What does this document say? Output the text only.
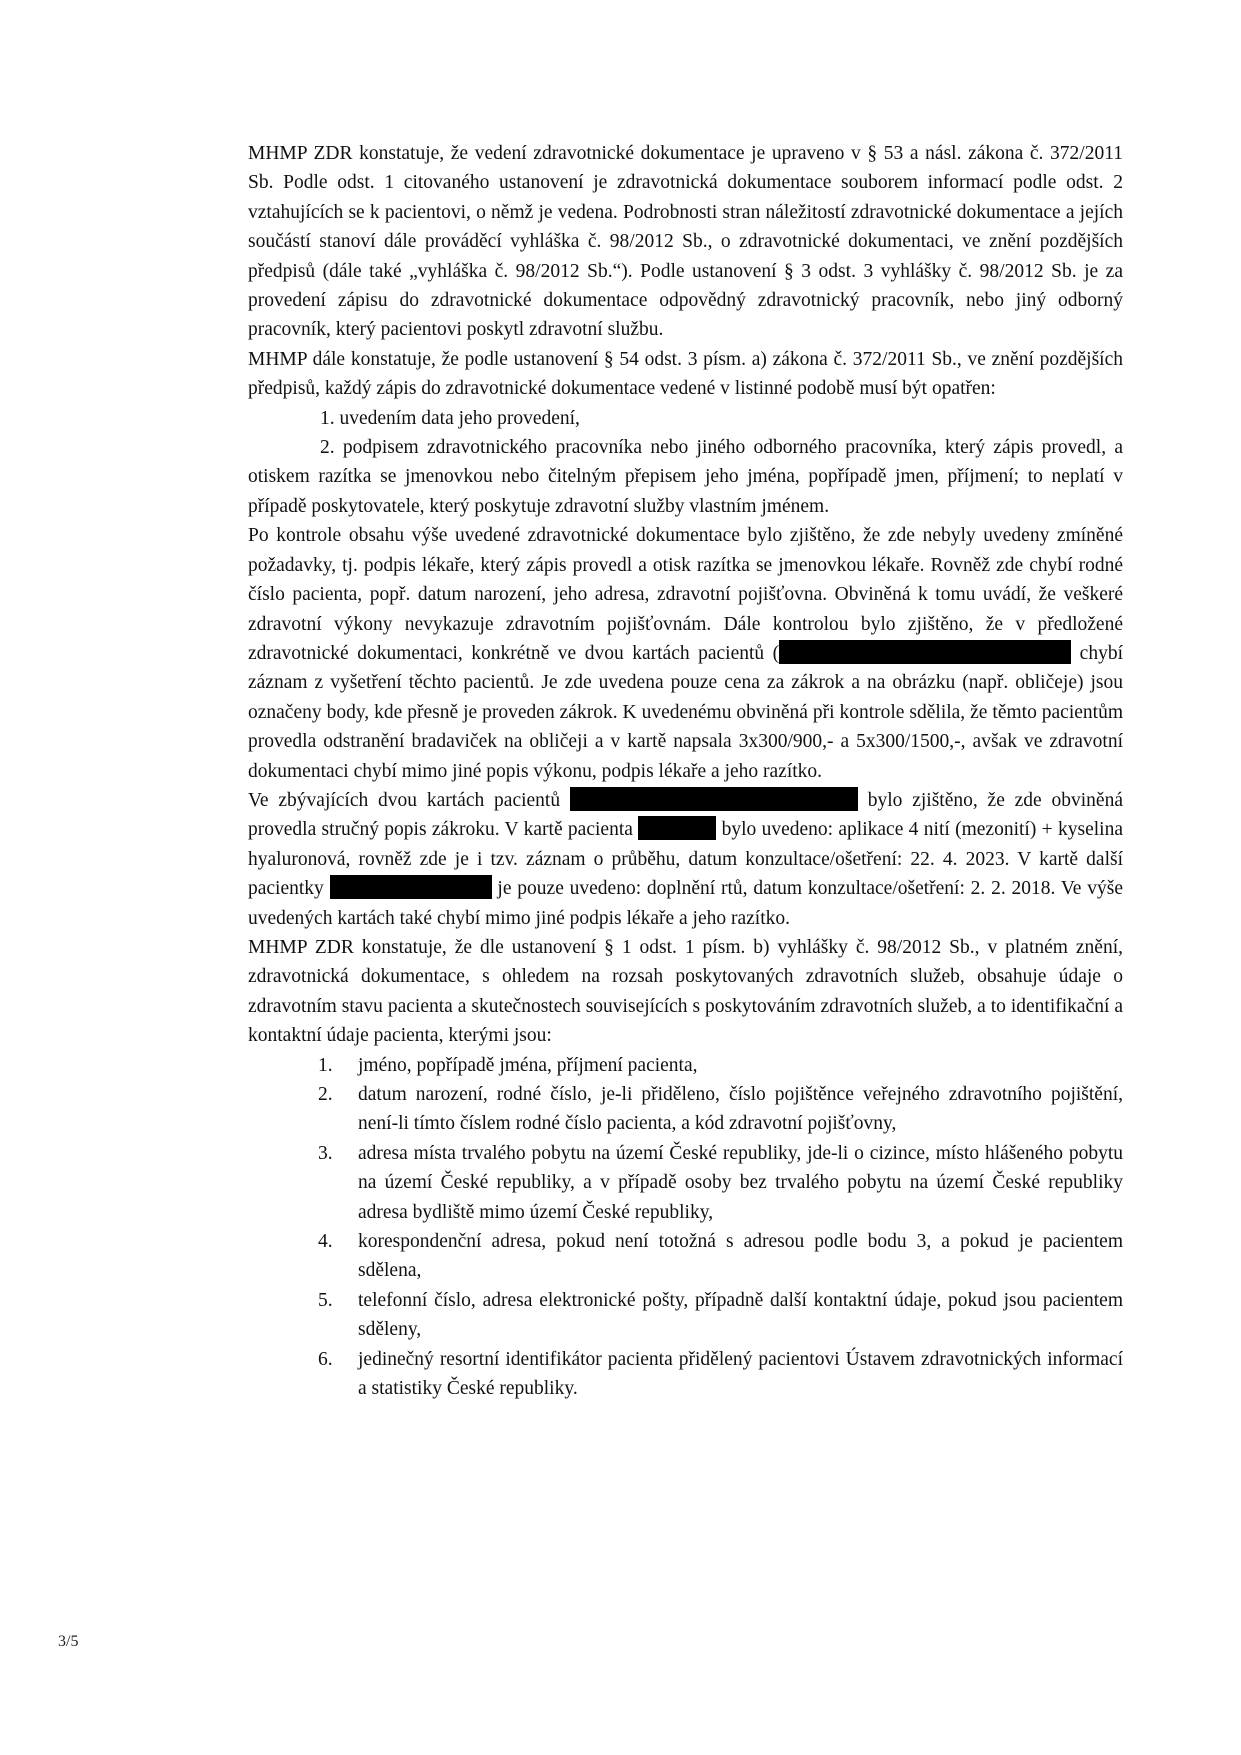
MHMP ZDR konstatuje, že vedení zdravotnické dokumentace je upraveno v § 53 a násl. zákona č. 372/2011 Sb. Podle odst. 1 citovaného ustanovení je zdravotnická dokumentace souborem informací podle odst. 2 vztahujících se k pacientovi, o němž je vedena. Podrobnosti stran náležitostí zdravotnické dokumentace a jejích součástí stanoví dále prováděcí vyhláška č. 98/2012 Sb., o zdravotnické dokumentaci, ve znění pozdějších předpisů (dále také „vyhláška č. 98/2012 Sb.“). Podle ustanovení § 3 odst. 3 vyhlášky č. 98/2012 Sb. je za provedení zápisu do zdravotnické dokumentace odpovědný zdravotnický pracovník, nebo jiný odborný pracovník, který pacientovi poskytl zdravotní službu.

MHMP dále konstatuje, že podle ustanovení § 54 odst. 3 písm. a) zákona č. 372/2011 Sb., ve znění pozdějších předpisů, každý zápis do zdravotnické dokumentace vedené v listinné podobě musí být opatřen:

1. uvedením data jeho provedení,

2. podpisem zdravotnického pracovníka nebo jiného odborného pracovníka, který zápis provedl, a otiskem razítka se jmenovkou nebo čitelným přepisem jeho jména, popřípadě jmen, příjmení; to neplatí v případě poskytovatele, který poskytuje zdravotní služby vlastním jménem.

Po kontrole obsahu výše uvedené zdravotnické dokumentace bylo zjištěno, že zde nebyly uvedeny zmíněné požadavky, tj. podpis lékaře, který zápis provedl a otisk razítka se jmenovkou lékaře. Rovněž zde chybí rodné číslo pacienta, popř. datum narození, jeho adresa, zdravotní pojišťovna. Obviněná k tomu uvádí, že veškeré zdravotní výkony nevykazuje zdravotním pojišťovnám. Dále kontrolou bylo zjištěno, že v předložené zdravotnické dokumentaci, konkrétně ve dvou kartách pacientů (	chybí záznam z vyšetření těchto pacientů. Je zde uvedena pouze cena za zákrok a na obrázku (např. obličeje) jsou označeny body, kde přesně je proveden zákrok. K uvedenému obviněná při kontrole sdělila, že těmto pacientům provedla odstranění bradaviček na obličeji a v kartě napsala 3x300/900,- a 5x300/1500,-, avšak ve zdravotní dokumentaci chybí mimo jiné popis výkonu, podpis lékaře a jeho razítko.

Ve zbývajících dvou kartách pacientů	bylo zjištěno, že zde obviněná provedla stručný popis zákroku. V kartě pacienta	bylo uvedeno: aplikace 4 nití (mezonití) + kyselina hyaluronová, rovněž zde je i tzv. záznam o průběhu, datum konzultace/ošetření: 22. 4. 2023. V kartě další pacientky	je pouze uvedeno: doplnění rtů, datum konzultace/ošetření: 2. 2. 2018. Ve výše uvedených kartách také chybí mimo jiné podpis lékaře a jeho razítko.

MHMP ZDR konstatuje, že dle ustanovení § 1 odst. 1 písm. b) vyhlášky č. 98/2012 Sb., v platném znění, zdravotnická dokumentace, s ohledem na rozsah poskytovaných zdravotních služeb, obsahuje údaje o zdravotním stavu pacienta a skutečnostech souvisejících s poskytováním zdravotních služeb, a to identifikační a kontaktní údaje pacienta, kterými jsou:

1. jméno, popřípadě jména, příjmení pacienta,
2. datum narození, rodné číslo, je-li přiděleno, číslo pojištěnce veřejného zdravotního pojištění, není-li tímto číslem rodné číslo pacienta, a kód zdravotní pojišťovny,
3. adresa místa trvalého pobytu na území České republiky, jde-li o cizince, místo hlášeného pobytu na území České republiky, a v případě osoby bez trvalého pobytu na území České republiky adresa bydliště mimo území České republiky,
4. korespondenční adresa, pokud není totožná s adresou podle bodu 3, a pokud je pacientem sdělena,
5. telefonní číslo, adresa elektronické pošty, případně další kontaktní údaje, pokud jsou pacientem sděleny,
6. jedinečný resortní identifikátor pacienta přidělený pacientovi Ústavem zdravotnických informací a statistiky České republiky.
3/5
